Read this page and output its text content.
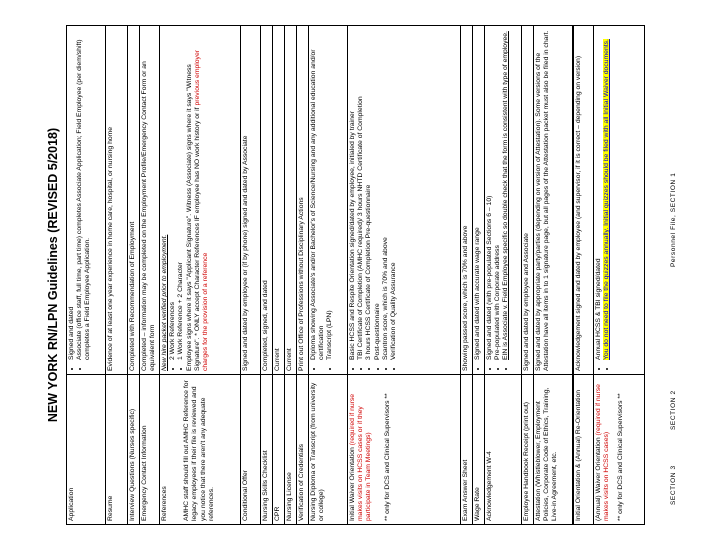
NEW YORK RN/LPN Guidelines (REVISED 5/2018)
Application
• Signed and dated • Associate (office staff, full time, part time) completes Associate Application; Field Employee (per diem/shift) completes a Field Employee Application.
Resume
Evidence of at least one year experience in home care, hospital, or nursing home
Interview Questions (Nurses specific)
Completed with Recommendation of Employment
Emergency Contact Information
Completed – information may be completed on the Employment Profile/Emergency Contact Form or an equivalent form
References AMHC staff should fill out AMHC Reference for legacy employees if their file is reviewed and you notice that there aren't any adequate references.
New hire packet verified prior to employment. • 2 Work References • 1 Work Reference + 2 Character Employee signs where it says "Applicant Signature". Witness (Associate) signs where it says "Witness Signature". * ONLY accept Character References IF employee has NO work history or if previous employer charges for the provision of a reference
Conditional Offer
Signed and dated by employee or (if by phone) signed and dated by Associate
Nursing Skills Checklist
Completed, signed, and dated
CPR
Current
Nursing License
Current
Verification of Credentials
Print out Office of Professions without Disciplinary Actions
Nursing Diploma or Transcript (from university or college)
• Diploma showing Associate's and/or Bachelor's of Science/Nursing and any additional education and/or certification • Transcript (LPN)
Initial Waiver Orientation (required if nurse makes visits on HCSS cases or if they participate in Team Meetings) ** only for DCS and Clinical Supervisors **
• Basic HCSS and Respite Orientation signed/dated by employee, initialed by trainer • TBI Certificate of Completion (AMHC required)/ 3 hours NHTD Certificate of Completion • 3 hours HCSS Certificate of Completion Pre-questionnaire • Post-questionnaire • Scantron score, which is 70% and above • Verification of Quality Assurance
Exam Answer Sheet
Showing passed score, which is 70% and above
Wage Rate
• Signed and dated with accurate wage range
Acknowledgement W-4
• Signed and dated (with pre-populated Sections 6 – 10) • Pre-populated with Corporate address • EIN is Associate v. Field Employee specific so double check that the form is consistent with type of employee.
Employee Handbook Receipt (print out)
Signed and dated by employee and Associate
Attestation (Whistleblower, Employment Policies, Corporate Code of Ethics, Training, Live-in Agreement, etc.
Signed and dated by appropriate party/parties (depending on version of Attestation). Some versions of the Attestation have all items in to 1 signature page, but all pages of the Attestation packet must also be filed in chart.
Initial Orientation & (Annual) Re-Orientation
Acknowledgement signed and dated by employee (and supervisor, if it is correct – depending on version)
(Annual) Waiver Orientation (required if nurse makes visits on HCSS cases) ** only for DCS and Clinical Supervisors **
• Annual HCSS & TBI signed/dated • You do not need to file the quizzes annually. Initial quizzes should be filed with all Initial Waiver documents.	Personnel File, SECTION 1
SECTION 2
SECTION 3
